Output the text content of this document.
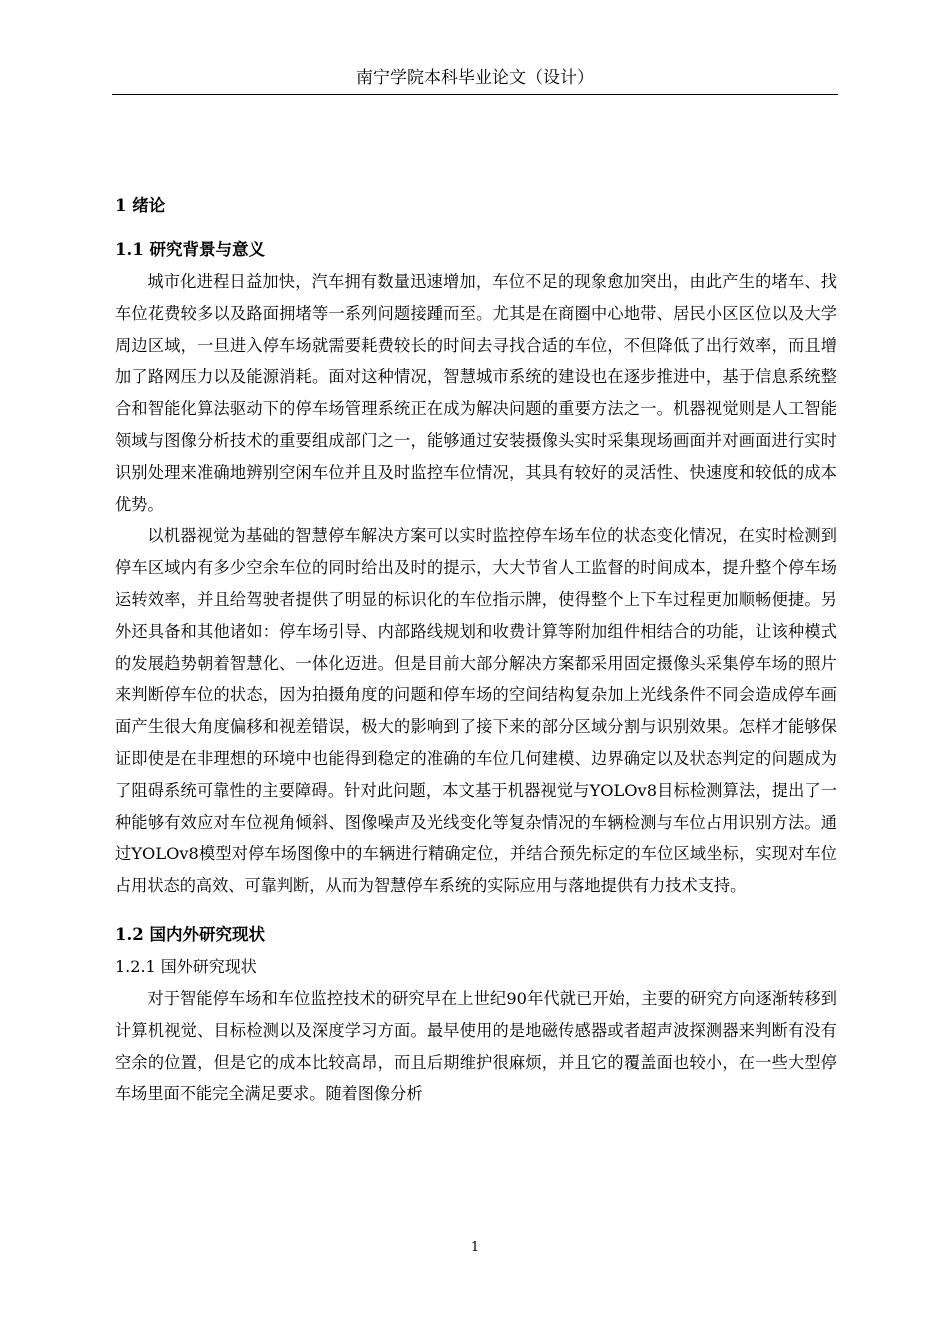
南宁学院本科毕业论文（设计）

1 绪论

1.1 研究背景与意义

城市化进程日益加快，汽车拥有数量迅速增加，车位不足的现象愈加突出，由此产生的堵车、找车位花费较多以及路面拥堵等一系列问题接踵而至。尤其是在商圈中心地带、居民小区区位以及大学周边区域，一旦进入停车场就需要耗费较长的时间去寻找合适的车位，不但降低了出行效率，而且增加了路网压力以及能源消耗。面对这种情况，智慧城市系统的建设也在逐步推进中，基于信息系统整合和智能化算法驱动下的停车场管理系统正在成为解决问题的重要方法之一。机器视觉则是人工智能领域与图像分析技术的重要组成部门之一，能够通过安装摄像头实时采集现场画面并对画面进行实时识别处理来准确地辨别空闲车位并且及时监控车位情况，其具有较好的灵活性、快速度和较低的成本优势。

以机器视觉为基础的智慧停车解决方案可以实时监控停车场车位的状态变化情况，在实时检测到停车区域内有多少空余车位的同时给出及时的提示，大大节省人工监督的时间成本，提升整个停车场运转效率，并且给驾驶者提供了明显的标识化的车位指示牌，使得整个上下车过程更加顺畅便捷。另外还具备和其他诸如：停车场引导、内部路线规划和收费计算等附加组件相结合的功能，让该种模式的发展趋势朝着智慧化、一体化迈进。但是目前大部分解决方案都采用固定摄像头采集停车场的照片来判断停车位的状态，因为拍摄角度的问题和停车场的空间结构复杂加上光线条件不同会造成停车画面产生很大角度偏移和视差错误，极大的影响到了接下来的部分区域分割与识别效果。怎样才能够保证即使是在非理想的环境中也能得到稳定的准确的车位几何建模、边界确定以及状态判定的问题成为了阻碍系统可靠性的主要障碍。针对此问题，本文基于机器视觉与YOLOv8目标检测算法，提出了一种能够有效应对车位视角倾斜、图像噪声及光线变化等复杂情况的车辆检测与车位占用识别方法。通过YOLOv8模型对停车场图像中的车辆进行精确定位，并结合预先标定的车位区域坐标，实现对车位占用状态的高效、可靠判断，从而为智慧停车系统的实际应用与落地提供有力技术支持。

1.2 国内外研究现状

1.2.1 国外研究现状

对于智能停车场和车位监控技术的研究早在上世纪90年代就已开始，主要的研究方向逐渐转移到计算机视觉、目标检测以及深度学习方面。最早使用的是地磁传感器或者超声波探测器来判断有没有空余的位置，但是它的成本比较高昂，而且后期维护很麻烦，并且它的覆盖面也较小，在一些大型停车场里面不能完全满足要求。随着图像分析

1
